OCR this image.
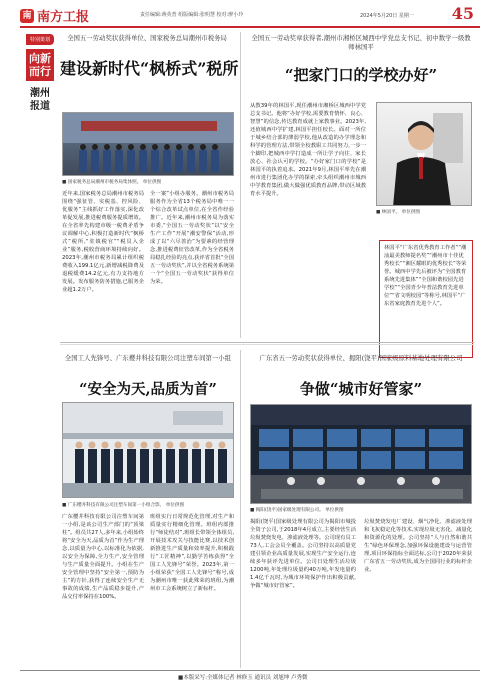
南 南方工报	责任编辑:蒋英普 组版编辑:张明慧 校对:廖小玲	2024年5月20日 星期一 45
特别策划
向新而行
潮州报道
全国五一劳动奖状获得单位、国家税务总局潮州市税务局
建设新时代“枫桥式”税所
■ 国家税务总局潮州市税务局集体照。 单位供图
近年来,国家税务总局潮州市税务局围绕“强征管、实税基、控风险、优服务”主线抓好工作落实,深化改革促发展,推进税费服务提质增效。在全省率先构建市级一税费矛盾争议调解中心,积极打造新时代“枫桥式”税所,“驻镇税官”“税员入企业”服务,税收营商环境持续向好。2023年,潮州市税务局累计组织税费收入199.1亿元,新增减税降费及退税缓费14.2亿元,有力支持地方发展。发布服务防务措施,已服务企业超1.2万户。
全一案”小组办服务。潮州市税务局服务作为全省13个税务局中唯一一个综合改革试点单位,在全省作经验推广。近年来,潮州市税务局为落实市委,“全国五一劳动奖状”以“安全生产工作”开展“潮安警保”活动,形成了以“六尽善治”为要素的经营理念,推进税费征管改革,作为全省税务局稳扎经验的亮点,获评省首批“全国五一劳动奖状”,并以全省税务系统第一个“全国五一劳动奖状”获得单位为荣。
全国五一劳动奖章获得者,潮州市湘桥区城西中学党总支书记、初中数学一级教师林国平
“把家门口的学校办好”
从教39年的林国平,现任潮州市湘桥区城西中学党总支书记。他将“办好学校,需要教育情怀、良心、智慧”的信念,传达教育成就上家教事业。2023年,还值城西中学扩建,林国平担任校长。面对一所位于城乡结合部的薄弱学校,他从改造的办学理念和科学的管理方法,带领全校教职工共同努力,一步一个脚印,把城西中学打造成一所让学子向往、家长放心、社会认可的学校。“办好家门口的学校”是林国平的执着追求。2021年9月,林国平率先在潮州市进行集团化办学的探索,牵头组织潮州市城西中学教育集团,做大做强优质教育品牌,带动区域教育水平提升。
■ 林国平。 单位供图
林国平“广东省优秀教育工作者”“潮汕最美教师提名奖”“潮州市十佳优秀校长”“湘区耀眼的优秀校长”等荣誉。城西中学先后被评为“全国教育系统先进集体”“全国和谐校园先进学校”“全国青少年普法教育先进单位”“省文明校园”等称号,林国平“广东省家庭教育先进个人”。
全国工人先锋号、广东樱井科技有限公司注塑车间第一小组
“安全为天,品质为首”
■ 广东樱井科技有限公司注塑车间第一小组合影。 单位供图
广东樱井科技有限公司注塑车间第一小组,是该公司生产部门的“顶梁柱”。组员共27人,多年来,小组始终将“安全为天,品质为首”作为生产理念,以质量为中心,以标准化为依据,以安全为保障,全力生产,安全管理与生产质量全面提升。小组在生产安全管理中坚持“安全第一,预防为主”的方针,获得了连续安全生产无事故的成绩,生产品质稳步提升,产品交付率保持在100%。
班组实行日常规范化管理,对生产和质量实行精细化管理。班组内部推行“师徒结对”,班组长带领全体组员,开展技术攻关与技能比赛,以技术创新推进生产质量和效率提升,积极践行“工匠精神”,以勤学苦练获得“全国工人先锋号”荣誉。2023年,第一小组荣获“全国工人先锋号”称号,成为潮州市唯一获此殊荣的班组,为潮州市工会系统树立了新标杆。
广东省五一劳动奖状获得单位、揭阳(饶平)国家级原料基地处理有限公司
争做“城市好管家”
■ 揭阳(饶平)国家级处理有限公司。 单位供图
揭阳(饶平)国家级处理有限公司为揭阳市城投全资子公司,于2018年4月成立,主要经营生活垃圾焚烧发电、渗滤液处理等。公司现有员工73人,工会会员全覆盖。公司坚持以高质量党建引领企业高质量发展,实现生产安全运行,连续多年获评先进单位。公司日处理生活垃圾1200吨,年处理垃圾量约40万吨,年发电量约1.4亿千瓦时,为城市环境保护作出积极贡献,争做“城市好管家”。
垃圾焚烧发电厂建设、烟气净化、渗滤液处理和飞灰稳定化等技术,实现垃圾无害化、减量化和资源化的处理。公司坚持“人与自然和谐共生”绿色环保理念,加强环保设施建设与运营管理,项目环保指标全面达标,公司于2020年荣获广东省五一劳动奖状,成为全国同行业的标杆企业。
■本版采写:全媒体记者 林修玉 通讯员 刘旭坤 卢秀微
